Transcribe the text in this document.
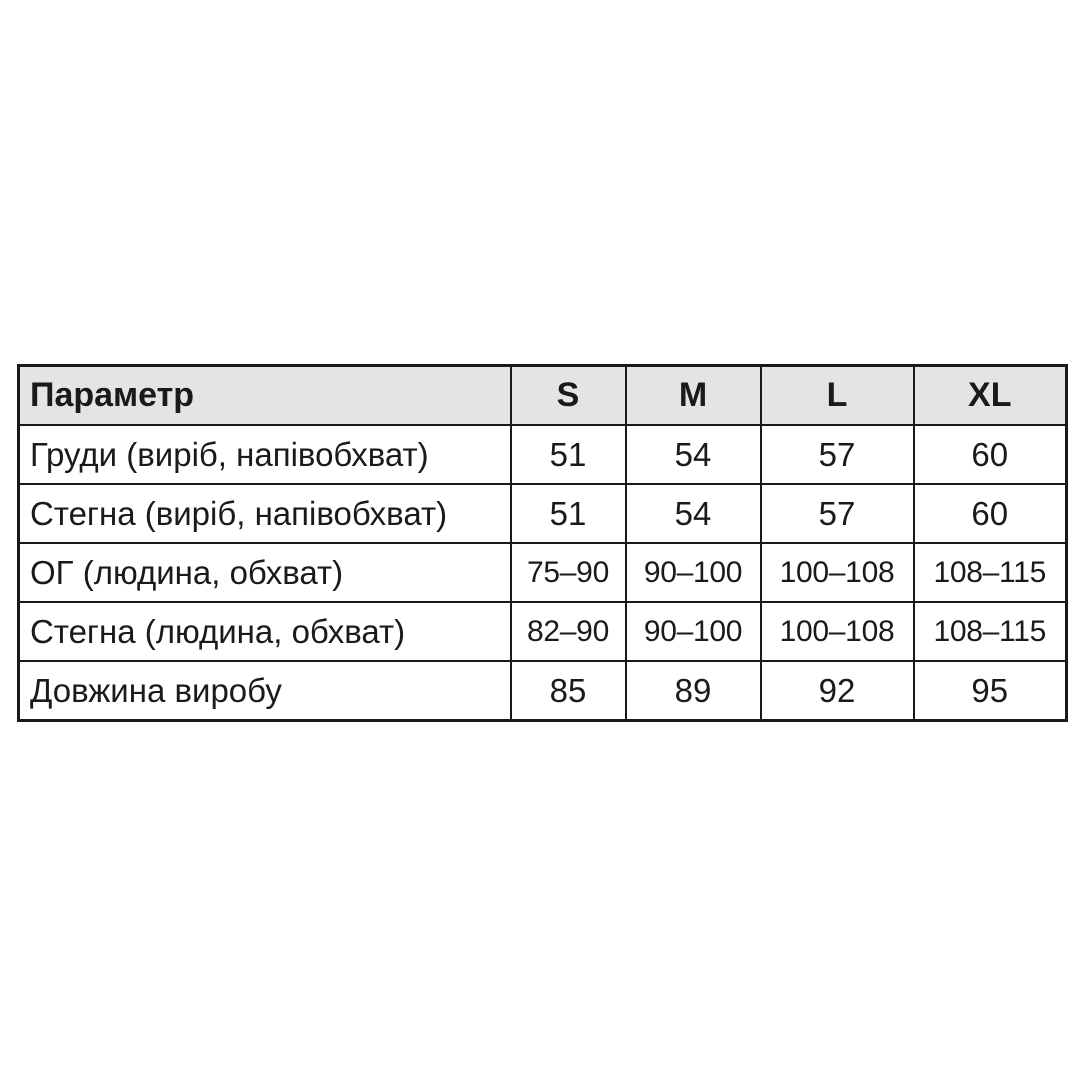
Параметр	S	M	L	XL
Груди (виріб, напівобхват)	51	54	57	60
Стегна (виріб, напівобхват)	51	54	57	60
ОГ (людина, обхват)	75–90	90–100	100–108	108–115
Стегна (людина, обхват)	82–90	90–100	100–108	108–115
Довжина виробу	85	89	92	95
